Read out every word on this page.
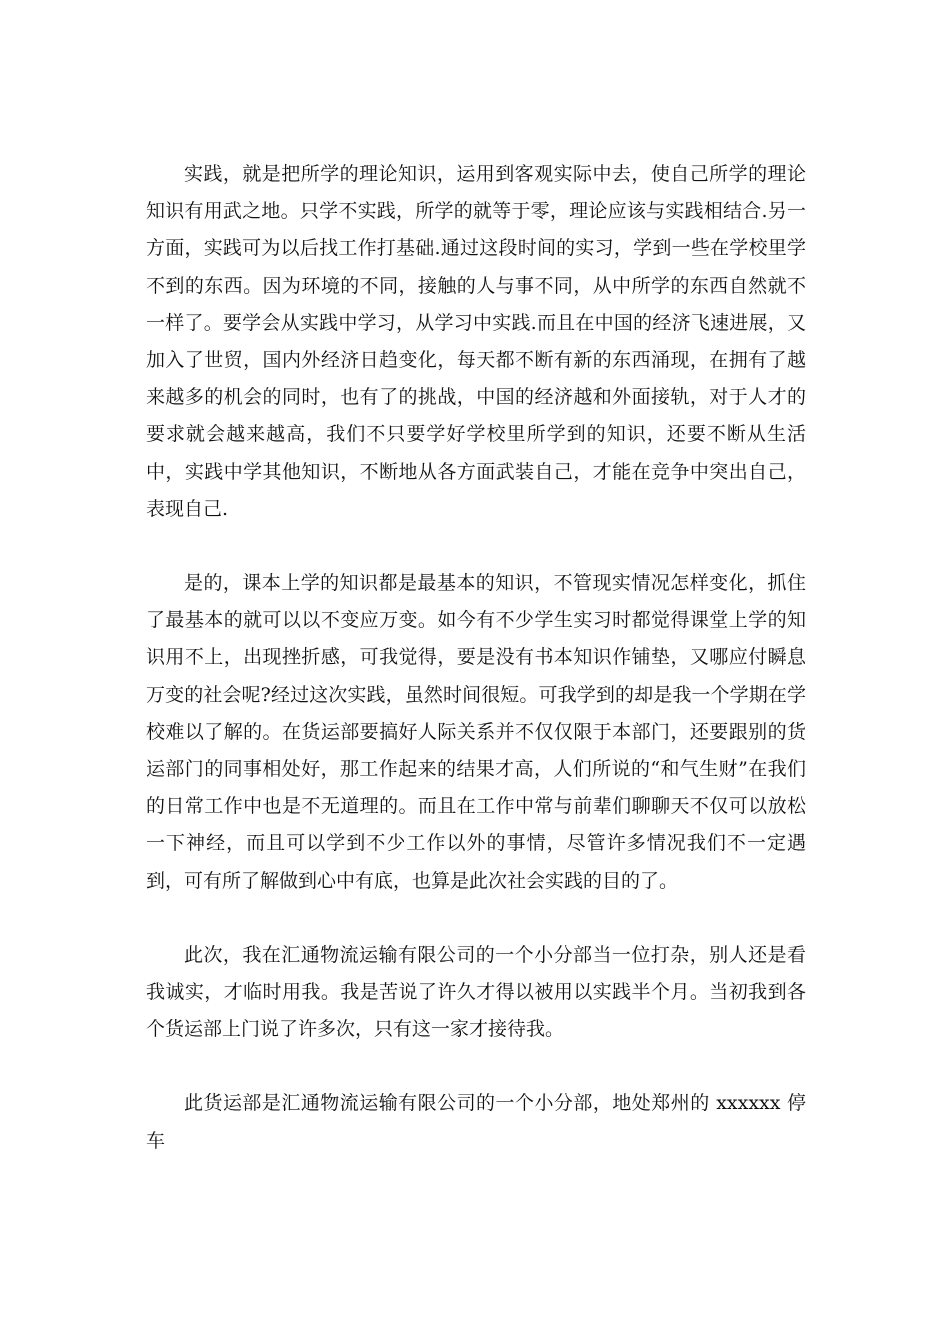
实践，就是把所学的理论知识，运用到客观实际中去，使自己所学的理论知识有用武之地。只学不实践，所学的就等于零，理论应该与实践相结合.另一方面，实践可为以后找工作打基础.通过这段时间的实习，学到一些在学校里学不到的东西。因为环境的不同，接触的人与事不同，从中所学的东西自然就不一样了。要学会从实践中学习，从学习中实践.而且在中国的经济飞速进展，又加入了世贸，国内外经济日趋变化，每天都不断有新的东西涌现，在拥有了越来越多的机会的同时，也有了的挑战，中国的经济越和外面接轨，对于人才的要求就会越来越高，我们不只要学好学校里所学到的知识，还要不断从生活中，实践中学其他知识，不断地从各方面武装自己，才能在竞争中突出自己，表现自己.

是的，课本上学的知识都是最基本的知识，不管现实情况怎样变化，抓住了最基本的就可以以不变应万变。如今有不少学生实习时都觉得课堂上学的知识用不上，出现挫折感，可我觉得，要是没有书本知识作铺垫，又哪应付瞬息万变的社会呢?经过这次实践，虽然时间很短。可我学到的却是我一个学期在学校难以了解的。在货运部要搞好人际关系并不仅仅限于本部门，还要跟别的货运部门的同事相处好，那工作起来的结果才高，人们所说的“和气生财”在我们的日常工作中也是不无道理的。而且在工作中常与前辈们聊聊天不仅可以放松一下神经，而且可以学到不少工作以外的事情，尽管许多情况我们不一定遇到，可有所了解做到心中有底，也算是此次社会实践的目的了。

此次，我在汇通物流运输有限公司的一个小分部当一位打杂，别人还是看我诚实，才临时用我。我是苦说了许久才得以被用以实践半个月。当初我到各个货运部上门说了许多次，只有这一家才接待我。

此货运部是汇通物流运输有限公司的一个小分部，地处郑州的 xxxxxx 停车
